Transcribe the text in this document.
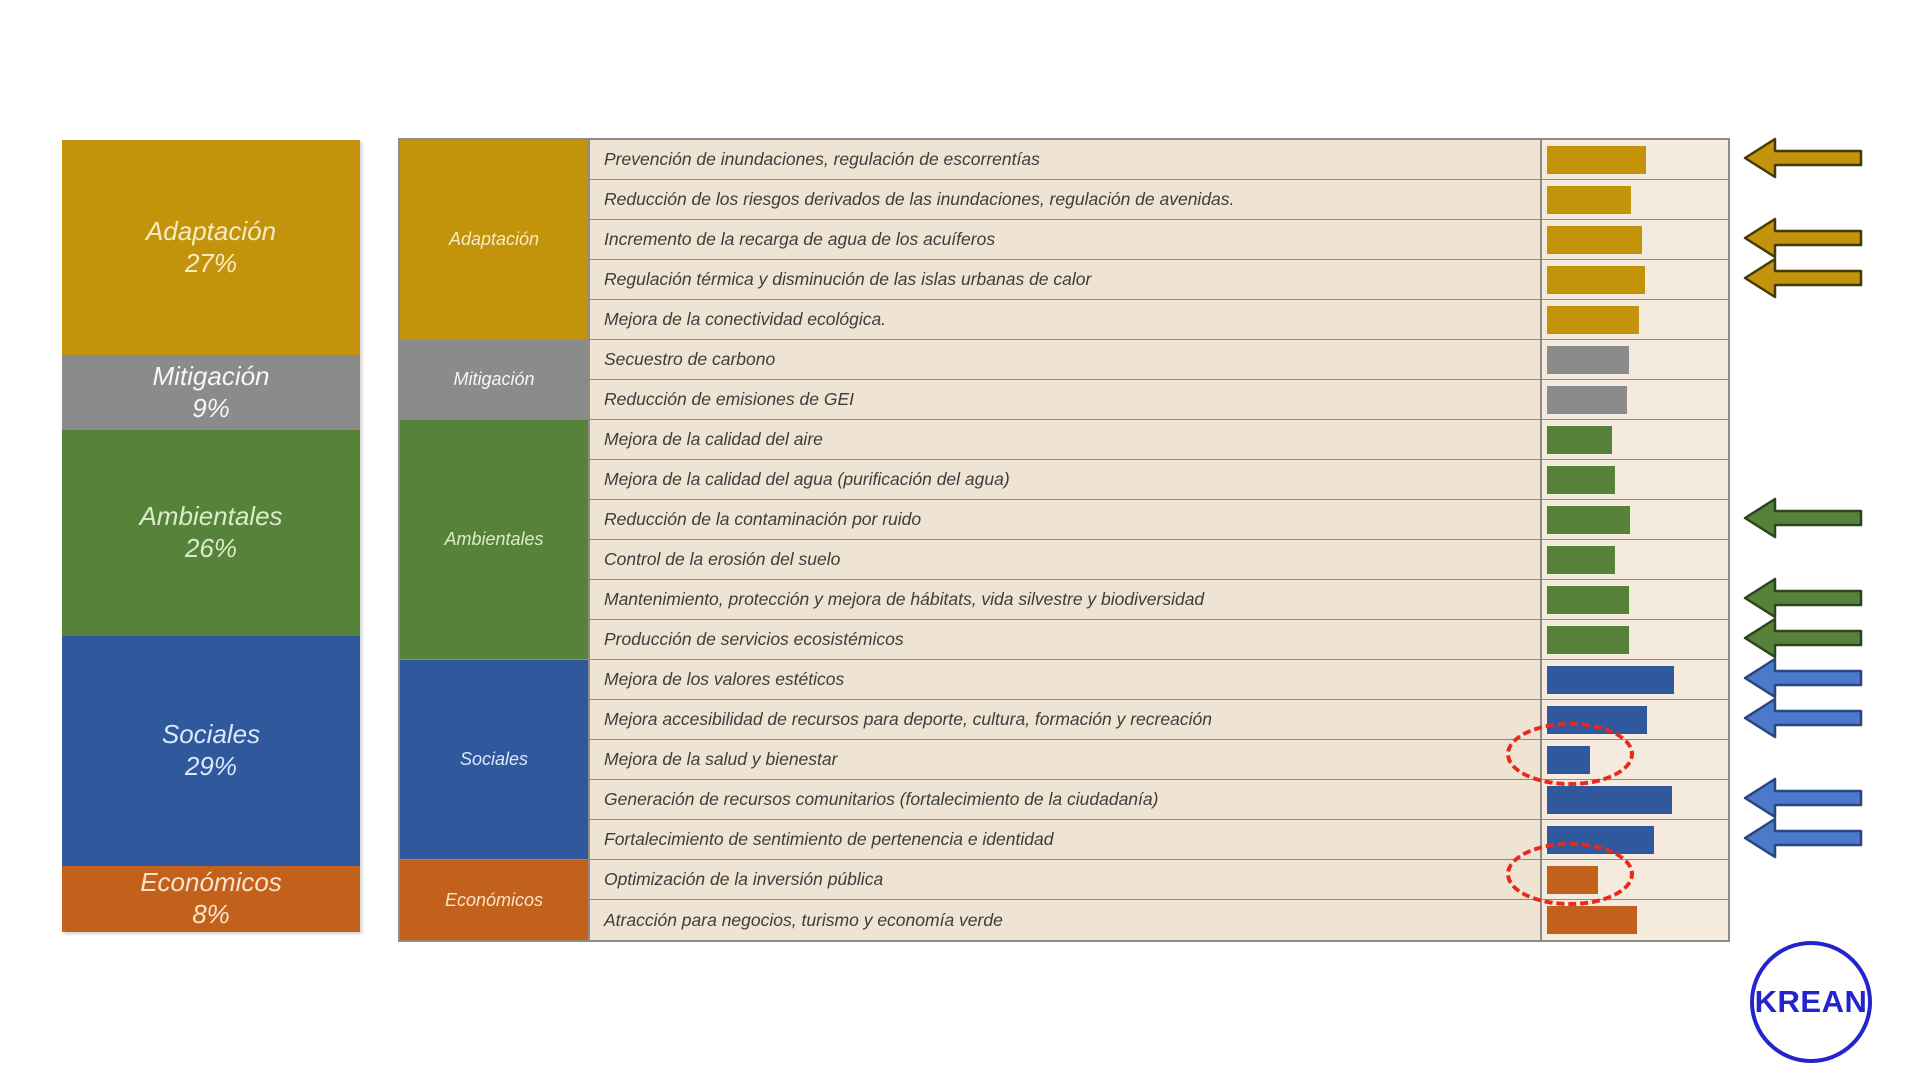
Adaptación
27%
Mitigación
9%
Ambientales
26%
Sociales
29%
Económicos
8%
Adaptación
Mitigación
Ambientales
Sociales
Económicos
Prevención de inundaciones, regulación de escorrentías
Reducción de los riesgos derivados de las inundaciones, regulación de avenidas.
Incremento de la recarga de agua de los acuíferos
Regulación térmica y disminución de las islas urbanas de calor
Mejora de la conectividad ecológica.
Secuestro de carbono
Reducción de emisiones de GEI
Mejora de la calidad del aire
Mejora de la calidad del agua (purificación del agua)
Reducción de la contaminación por ruido
Control de la erosión del suelo
Mantenimiento, protección y mejora de hábitats, vida silvestre y biodiversidad
Producción de servicios ecosistémicos
Mejora de los valores estéticos
Mejora accesibilidad de recursos para deporte, cultura, formación y recreación
Mejora de la salud y bienestar
Generación de recursos comunitarios (fortalecimiento de la ciudadanía)
Fortalecimiento de sentimiento de pertenencia e identidad
Optimización de la inversión pública
Atracción para negocios, turismo y economía verde
KREAN
